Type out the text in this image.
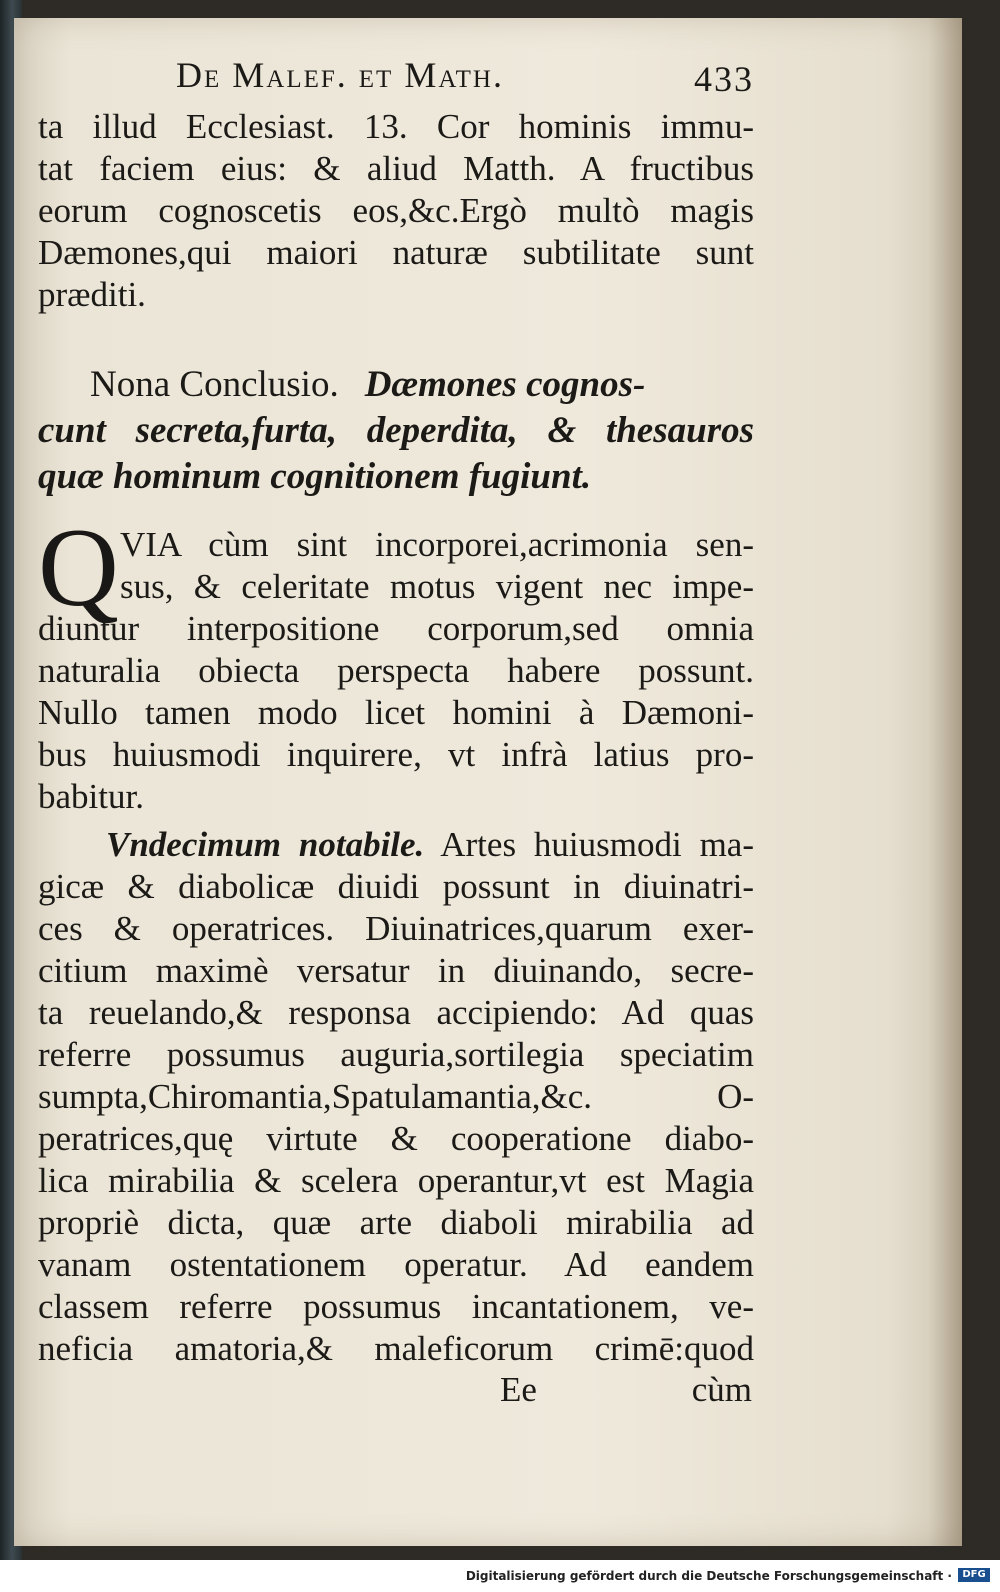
De Malef. et Math.	433
ta illud Ecclesiast. 13. Cor hominis immu-
tat faciem eius: & aliud Matth. A fructibus
eorum cognoscetis eos,&c.Ergò multò magis
Dæmones,qui maiori naturæ subtilitate sunt
præditi.
Nona Conclusio. Dæmones cognos-
cunt secreta,furta, deperdita, & thesauros
quæ hominum cognitionem fugiunt.
Q VIA cùm sint incorporei,acrimonia sen-
sus, & celeritate motus vigent nec impe-
diuntur interpositione corporum,sed omnia
naturalia obiecta perspecta habere possunt.
Nullo tamen modo licet homini à Dæmoni-
bus huiusmodi inquirere, vt infrà latius pro-
babitur.
Vndecimum notabile. Artes huiusmodi ma-
gicæ & diabolicæ diuidi possunt in diuinatri-
ces & operatrices. Diuinatrices,quarum exer-
citium maximè versatur in diuinando, secre-
ta reuelando,& responsa accipiendo: Ad quas
referre possumus auguria,sortilegia speciatim
sumpta,Chiromantia,Spatulamantia,&c. O-
peratrices,quę virtute & cooperatione diabo-
lica mirabilia & scelera operantur,vt est Magia
propriè dicta, quæ arte diaboli mirabilia ad
vanam ostentationem operatur. Ad eandem
classem referre possumus incantationem, ve-
neficia amatoria,& maleficorum crimē:quod
Ee	cùm
Digitalisierung gefördert durch die Deutsche Forschungsgemeinschaft ·	DFG
